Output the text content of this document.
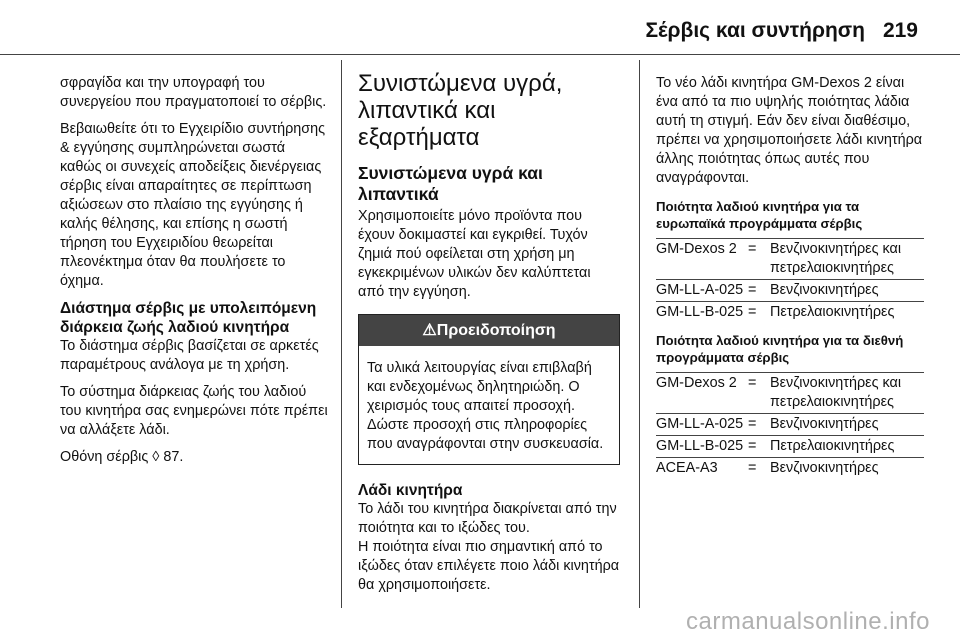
Σέρβις και συντήρηση 219

σφραγίδα και την υπογραφή του συνεργείου που πραγματοποιεί το σέρβις.

Βεβαιωθείτε ότι το Εγχειρίδιο συντήρησης & εγγύησης συμπληρώνεται σωστά καθώς οι συνεχείς αποδείξεις διενέργειας σέρβις είναι απαραίτητες σε περίπτωση αξιώσεων στο πλαίσιο της εγγύησης ή καλής θέλησης, και επίσης η σωστή τήρηση του Εγχειριδίου θεωρείται πλεονέκτημα όταν θα πουλήσετε το όχημα.

Διάστημα σέρβις με υπολειπόμενη διάρκεια ζωής λαδιού κινητήρα

Το διάστημα σέρβις βασίζεται σε αρκετές παραμέτρους ανάλογα με τη χρήση.

Το σύστημα διάρκειας ζωής του λαδιού του κινητήρα σας ενημερώνει πότε πρέπει να αλλάξετε λάδι.

Οθόνη σέρβις ◊ 87.

Συνιστώμενα υγρά, λιπαντικά και εξαρτήματα
Συνιστώμενα υγρά και λιπαντικά

Χρησιμοποιείτε μόνο προϊόντα που έχουν δοκιμαστεί και εγκριθεί. Τυχόν ζημιά πού οφείλεται στη χρήση μη εγκεκριμένων υλικών δεν καλύπτεται από την εγγύηση.

⚠Προειδοποίηση
Τα υλικά λειτουργίας είναι επιβλαβή και ενδεχομένως δηλητηριώδη. Ο χειρισμός τους απαιτεί προσοχή. Δώστε προσοχή στις πληροφορίες που αναγράφονται στην συσκευασία.
Λάδι κινητήρα

Το λάδι του κινητήρα διακρίνεται από την ποιότητα και το ιξώδες του.

Η ποιότητα είναι πιο σημαντική από το ιξώδες όταν επιλέγετε ποιο λάδι κινητήρα θα χρησιμοποιήσετε.

Το νέο λάδι κινητήρα GM-Dexos 2 είναι ένα από τα πιο υψηλής ποιότητας λάδια αυτή τη στιγμή. Εάν δεν είναι διαθέσιμο, πρέπει να χρησιμοποιήσετε λάδι κινητήρα άλλης ποιότητας όπως αυτές που αναγράφονται.

Ποιότητα λαδιού κινητήρα για τα ευρωπαϊκά προγράμματα σέρβις
GM-Dexos 2 = Βενζινοκινητήρες και πετρελαιοκινητήρες
GM-LL-A-025 = Βενζινοκινητήρες
GM-LL-B-025 = Πετρελαιοκινητήρες
Ποιότητα λαδιού κινητήρα για τα διεθνή προγράμματα σέρβις
GM-Dexos 2 = Βενζινοκινητήρες και πετρελαιοκινητήρες
GM-LL-A-025 = Βενζινοκινητήρες
GM-LL-B-025 = Πετρελαιοκινητήρες
ACEA-A3	= Βενζινοκινητήρες
carmanualsonline.info
